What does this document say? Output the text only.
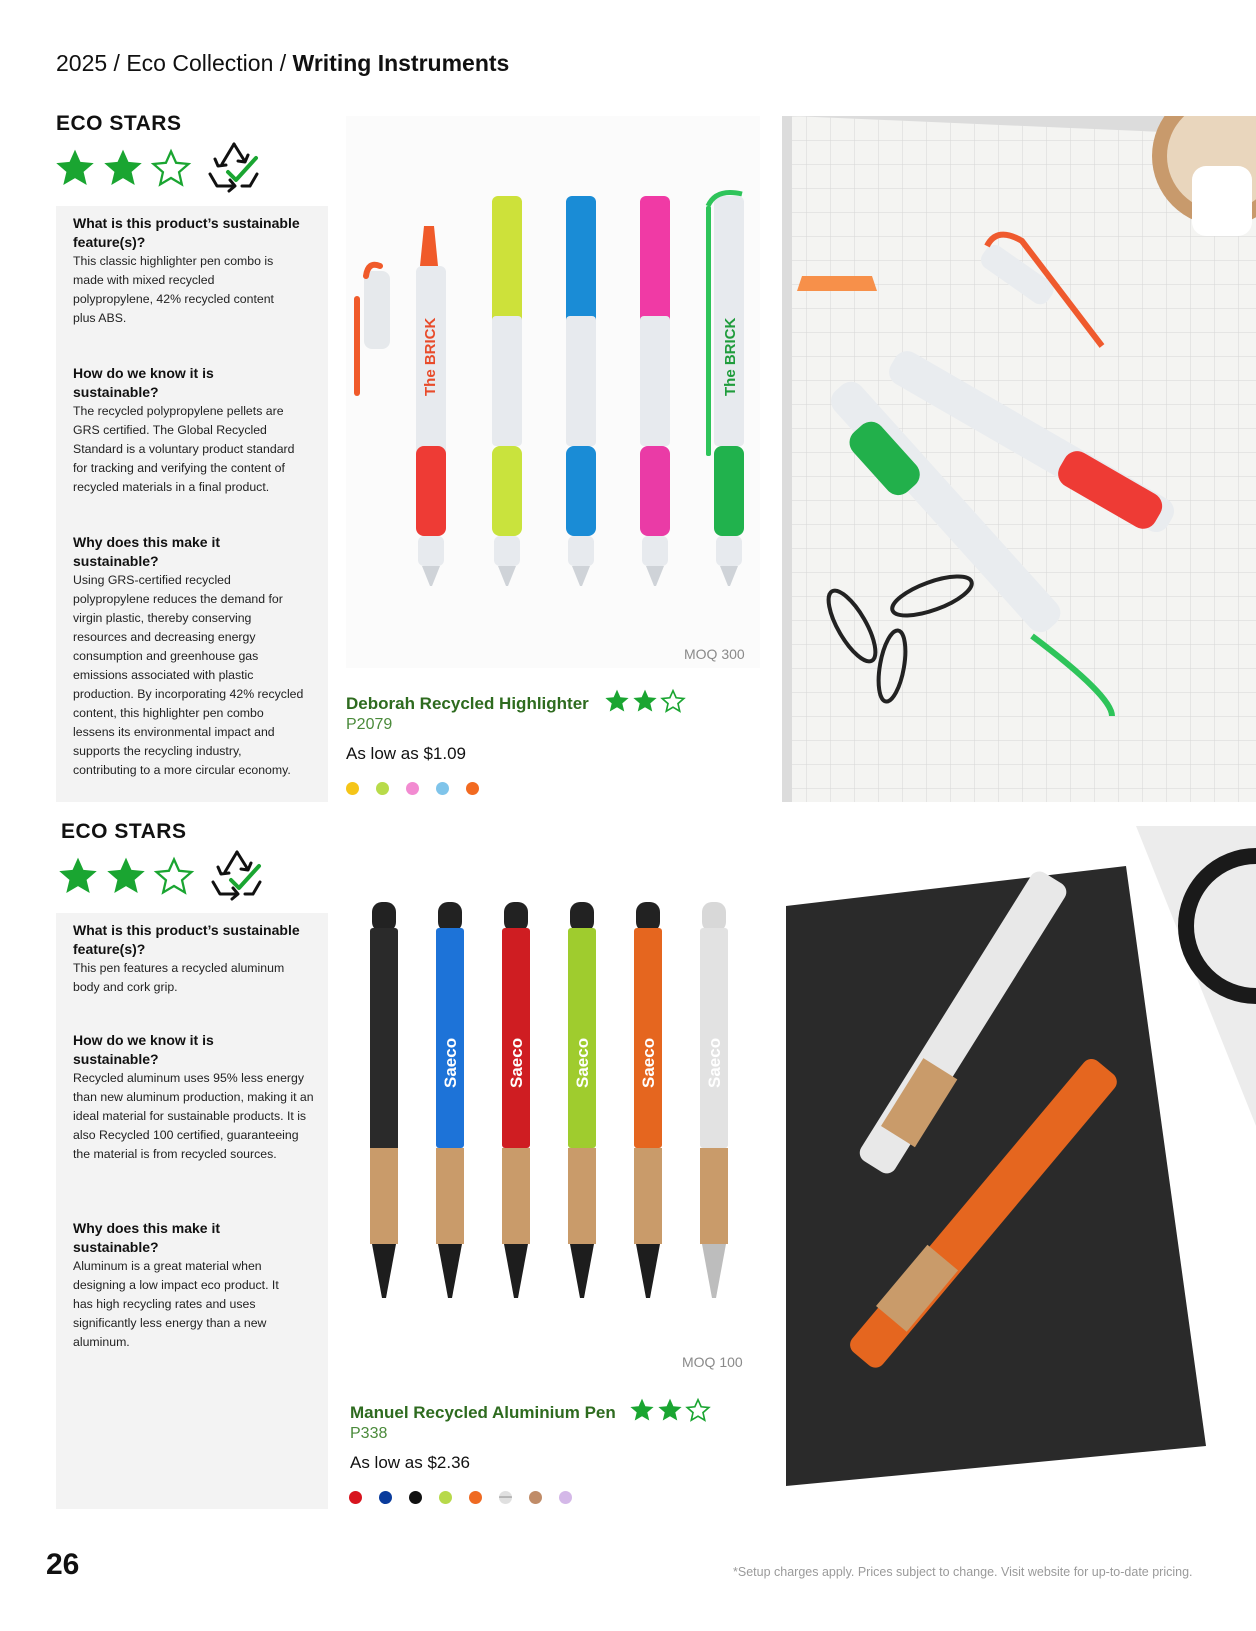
2025 / Eco Collection / Writing Instruments
ECO STARS
What is this product’s sustainable feature(s)?
This classic highlighter pen combo is made with mixed recycled polypropylene, 42% recycled content plus ABS.
How do we know it is sustainable?
The recycled polypropylene pellets are GRS certified. The Global Recycled Standard is a voluntary product standard for tracking and verifying the content of recycled materials in a final product.
Why does this make it sustainable?
Using GRS-certified recycled polypropylene reduces the demand for virgin plastic, thereby conserving resources and decreasing energy consumption and greenhouse gas emissions associated with plastic production. By incorporating 42% recycled content, this highlighter pen combo lessens its environmental impact and supports the recycling industry, contributing to a more circular economy.
The BRICK	The BRICK
MOQ 300
Deborah Recycled Highlighter
P2079
As low as $1.09
ECO STARS
What is this product’s sustainable feature(s)?
This pen features a recycled aluminum body and cork grip.
How do we know it is sustainable?
Recycled aluminum uses 95% less energy than new aluminum production, making it an ideal material for sustainable products. It is also Recycled 100 certified, guaranteeing the material is from recycled sources.
Why does this make it sustainable?
Aluminum is a great material when designing a low impact eco product. It has high recycling rates and uses significantly less energy than a new aluminum.
Saeco	Saeco	Saeco	Saeco	Saeco
MOQ 100
Manuel Recycled Aluminium Pen
P338
As low as $2.36
26	*Setup charges apply. Prices subject to change. Visit website for up-to-date pricing.
